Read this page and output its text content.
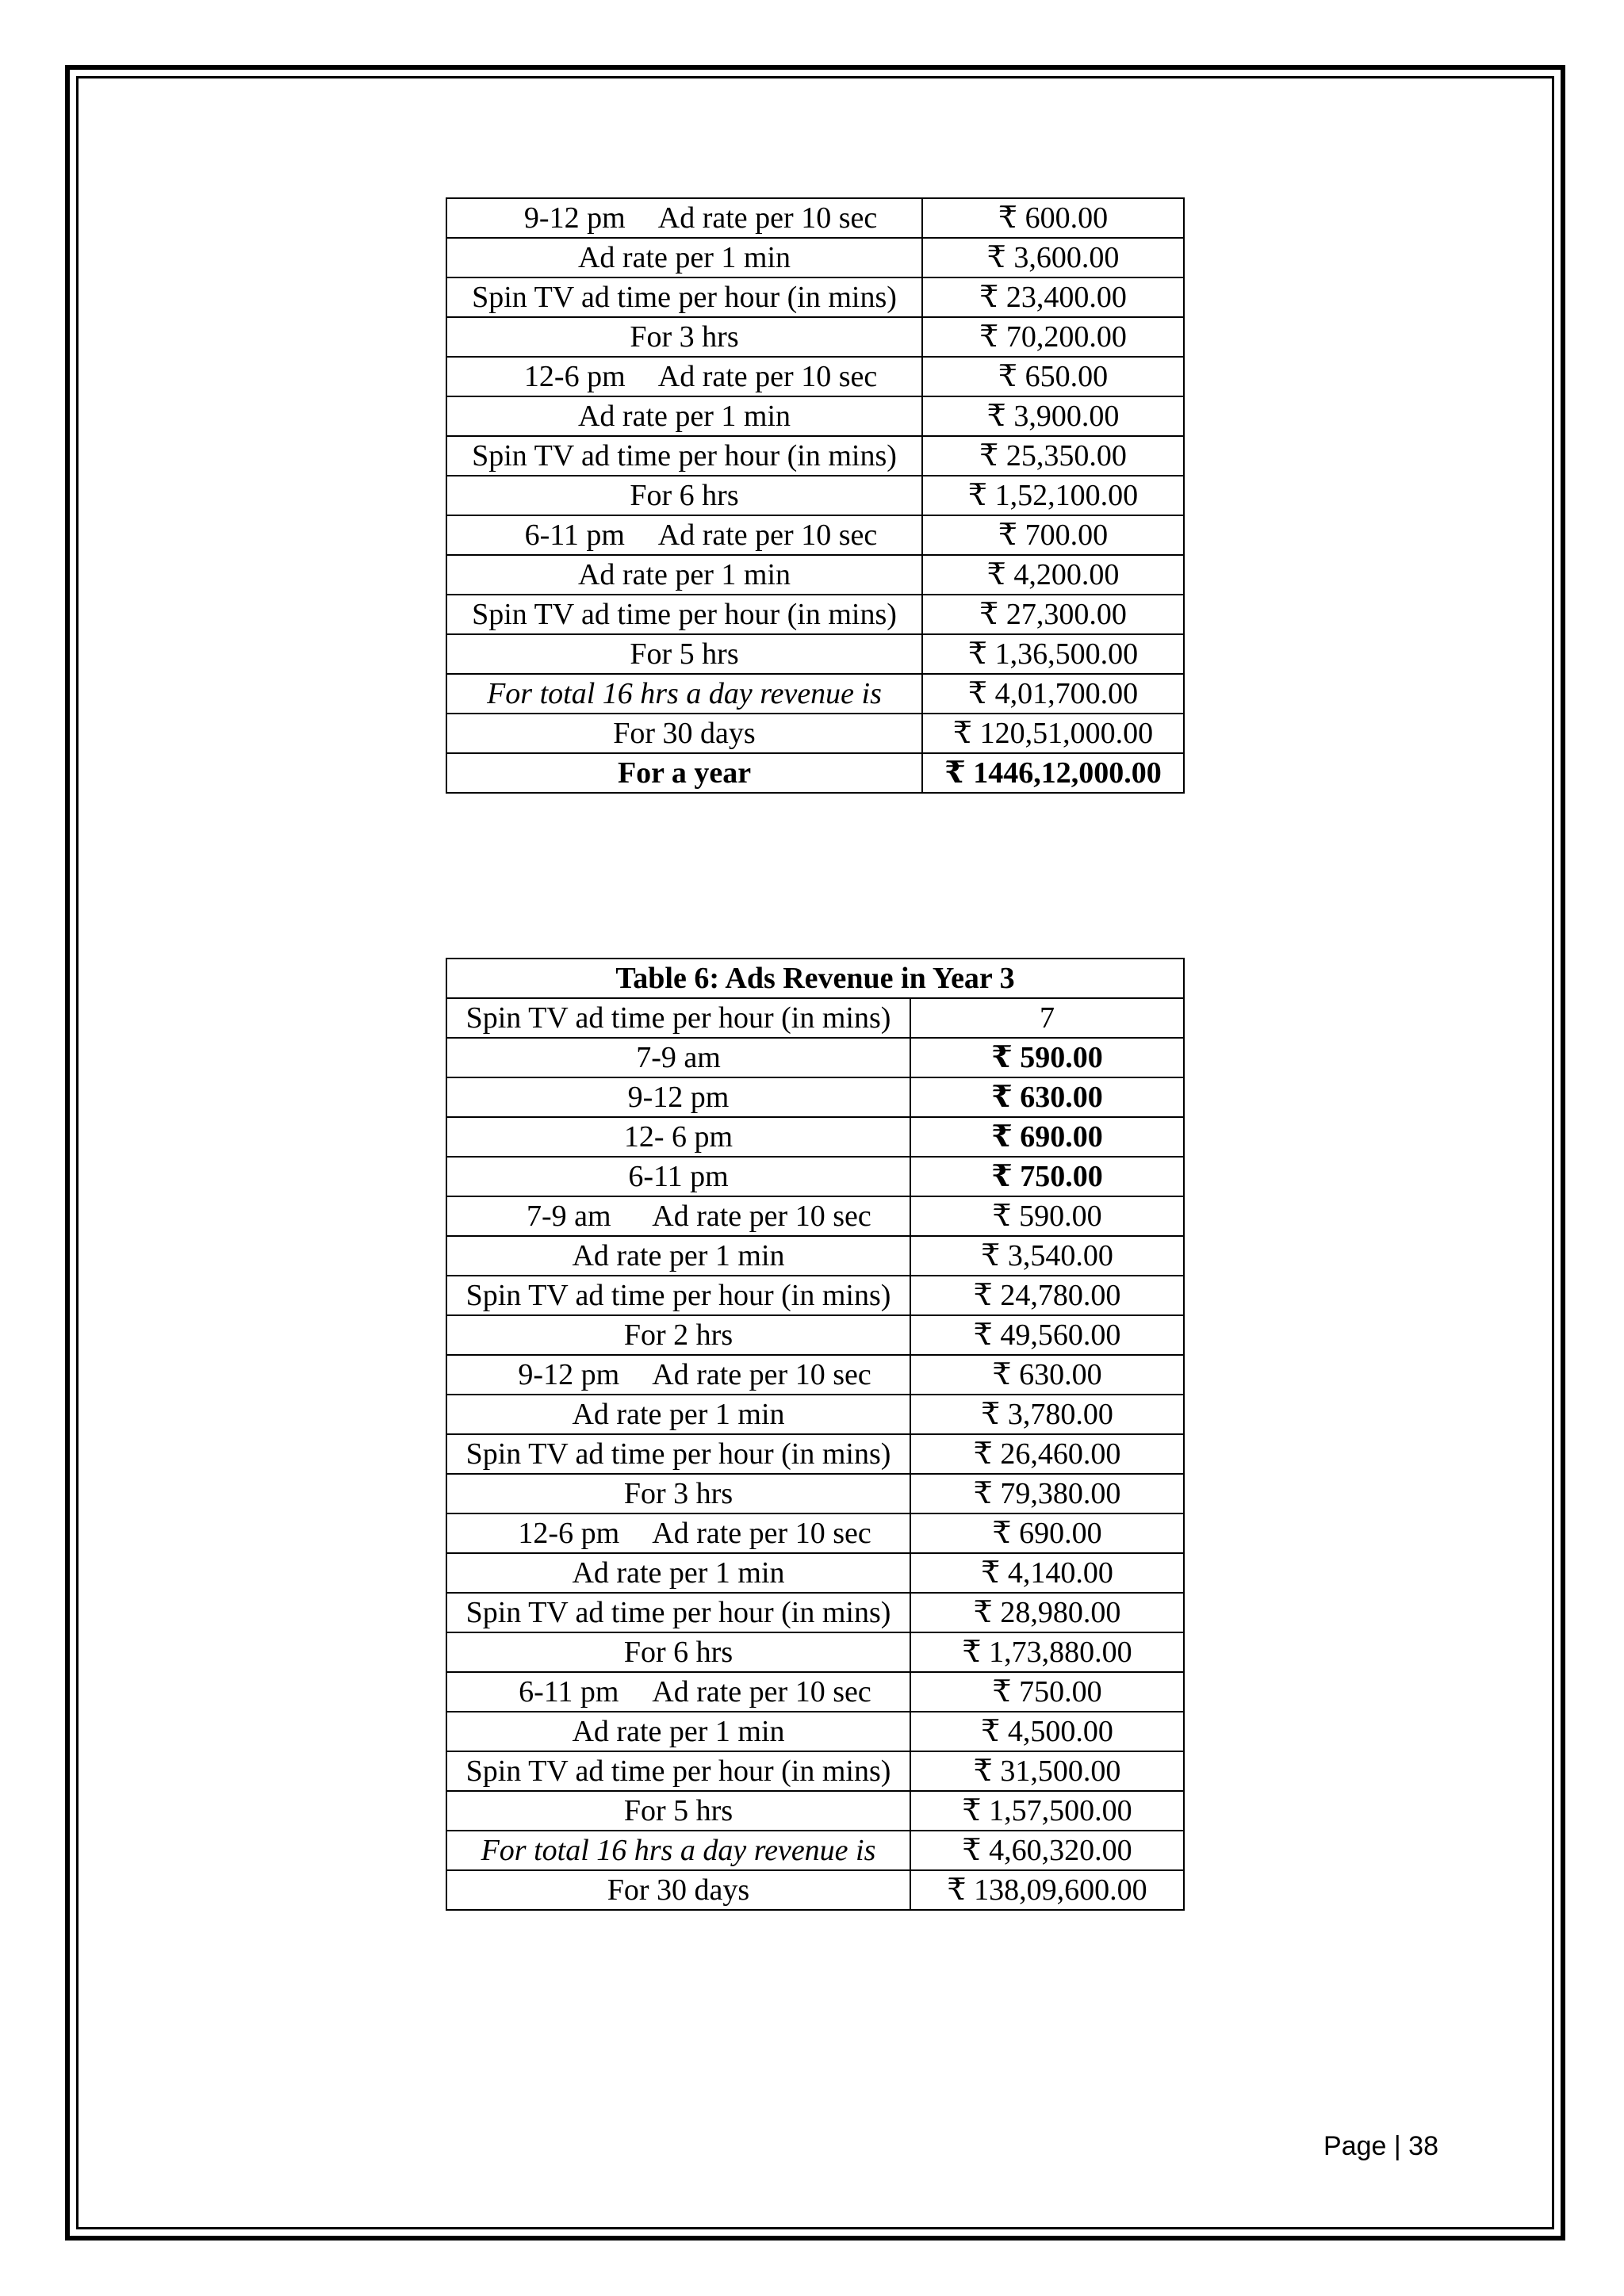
9-12 pm Ad rate per 10 sec	₹ 600.00
Ad rate per 1 min	₹ 3,600.00
Spin TV ad time per hour (in mins)	₹ 23,400.00
For 3 hrs	₹ 70,200.00
12-6 pm Ad rate per 10 sec	₹ 650.00
Ad rate per 1 min	₹ 3,900.00
Spin TV ad time per hour (in mins)	₹ 25,350.00
For 6 hrs	₹ 1,52,100.00
6-11 pm Ad rate per 10 sec	₹ 700.00
Ad rate per 1 min	₹ 4,200.00
Spin TV ad time per hour (in mins)	₹ 27,300.00
For 5 hrs	₹ 1,36,500.00
For total 16 hrs a day revenue is	₹ 4,01,700.00
For 30 days	₹ 120,51,000.00
For a year	₹ 1446,12,000.00
Table 6: Ads Revenue in Year 3	
Spin TV ad time per hour (in mins)	7
7-9 am	₹ 590.00
9-12 pm	₹ 630.00
12- 6 pm	₹ 690.00
6-11 pm	₹ 750.00
7-9 am Ad rate per 10 sec	₹ 590.00
Ad rate per 1 min	₹ 3,540.00
Spin TV ad time per hour (in mins)	₹ 24,780.00
For 2 hrs	₹ 49,560.00
9-12 pm Ad rate per 10 sec	₹ 630.00
Ad rate per 1 min	₹ 3,780.00
Spin TV ad time per hour (in mins)	₹ 26,460.00
For 3 hrs	₹ 79,380.00
12-6 pm Ad rate per 10 sec	₹ 690.00
Ad rate per 1 min	₹ 4,140.00
Spin TV ad time per hour (in mins)	₹ 28,980.00
For 6 hrs	₹ 1,73,880.00
6-11 pm Ad rate per 10 sec	₹ 750.00
Ad rate per 1 min	₹ 4,500.00
Spin TV ad time per hour (in mins)	₹ 31,500.00
For 5 hrs	₹ 1,57,500.00
For total 16 hrs a day revenue is	₹ 4,60,320.00
For 30 days	₹ 138,09,600.00
Page | 38
